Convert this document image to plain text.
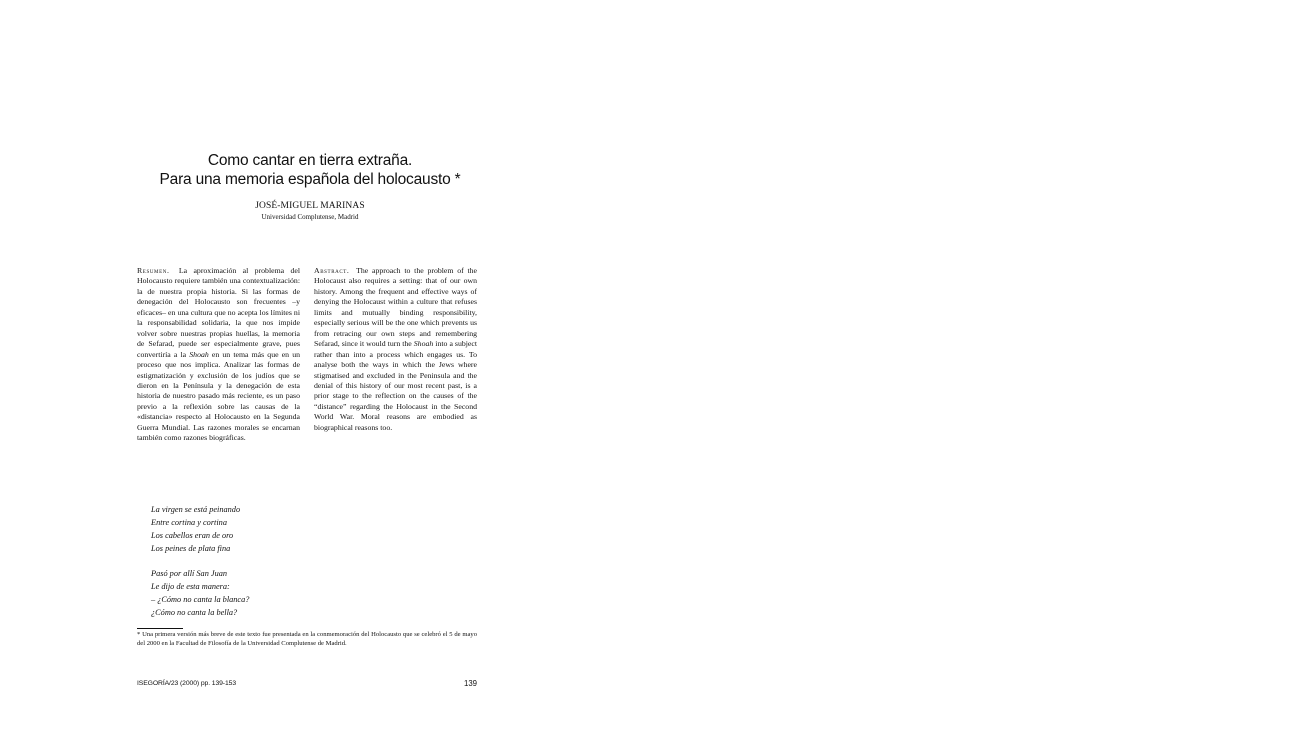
Como cantar en tierra extraña.
Para una memoria española del holocausto *
JOSÉ-MIGUEL MARINAS
Universidad Complutense, Madrid
Resumen. La aproximación al problema del Holocausto requiere también una contextualización: la de nuestra propia historia. Si las formas de denegación del Holocausto son frecuentes –y eficaces– en una cultura que no acepta los límites ni la responsabilidad solidaria, la que nos impide volver sobre nuestras propias huellas, la memoria de Sefarad, puede ser especialmente grave, pues convertiría a la Shoah en un tema más que en un proceso que nos implica. Analizar las formas de estigmatización y exclusión de los judíos que se dieron en la Península y la denegación de esta historia de nuestro pasado más reciente, es un paso previo a la reflexión sobre las causas de la «distancia» respecto al Holocausto en la Segunda Guerra Mundial. Las razones morales se encarnan también como razones biográficas.
Abstract. The approach to the problem of the Holocaust also requires a setting: that of our own history. Among the frequent and effective ways of denying the Holocaust within a culture that refuses limits and mutually binding responsibility, especially serious will be the one which prevents us from retracing our own steps and remembering Sefarad, since it would turn the Shoah into a subject rather than into a process which engages us. To analyse both the ways in which the Jews where stigmatised and excluded in the Peninsula and the denial of this history of our most recent past, is a prior stage to the reflection on the causes of the “distance” regarding the Holocaust in the Second World War. Moral reasons are embodied as biographical reasons too.
La virgen se está peinando
Entre cortina y cortina
Los cabellos eran de oro
Los peines de plata fina
Pasó por allí San Juan
Le dijo de esta manera:
– ¿Cómo no canta la blanca?
¿Cómo no canta la bella?
* Una primera versión más breve de este texto fue presentada en la conmemoración del Holocausto que se celebró el 5 de mayo del 2000 en la Facultad de Filosofía de la Universidad Complutense de Madrid.
ISEGORÍA/23 (2000) pp. 139-153	139
